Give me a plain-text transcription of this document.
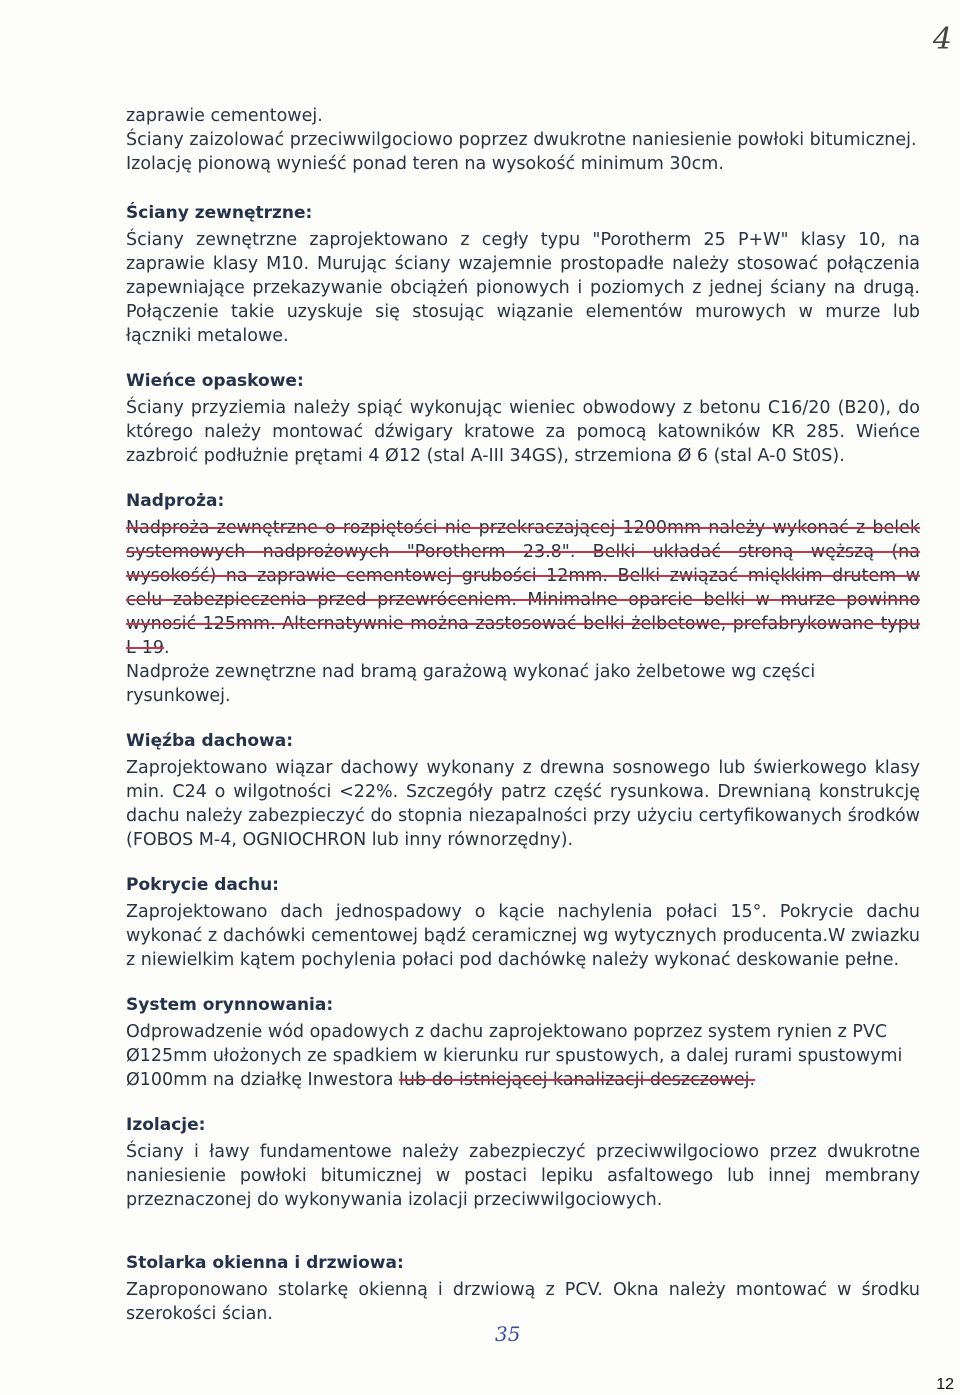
4

zaprawie cementowej.
Ściany zaizolować przeciwwilgociowo poprzez dwukrotne naniesienie powłoki bitumicznej.
Izolację pionową wynieść ponad teren na wysokość minimum 30cm.

Ściany zewnętrzne:

Ściany zewnętrzne zaprojektowano z cegły typu "Porotherm 25 P+W" klasy 10, na zaprawie klasy M10. Murując ściany wzajemnie prostopadłe należy stosować połączenia zapewniające przekazywanie obciążeń pionowych i poziomych z jednej ściany na drugą. Połączenie takie uzyskuje się stosując wiązanie elementów murowych w murze lub łączniki metalowe.

Wieńce opaskowe:

Ściany przyziemia należy spiąć wykonując wieniec obwodowy z betonu C16/20 (B20), do którego należy montować dźwigary kratowe za pomocą katowników KR 285. Wieńce zazbroić podłużnie prętami 4 Ø12 (stal A-III 34GS), strzemiona Ø 6 (stal A-0 St0S).

Nadproża:

Nadproża zewnętrzne o rozpiętości nie przekraczającej 1200mm należy wykonać z belek systemowych nadprożowych "Porotherm 23.8". Belki układać stroną węższą (na wysokość) na zaprawie cementowej grubości 12mm. Belki związać miękkim drutem w celu zabezpieczenia przed przewróceniem. Minimalne oparcie belki w murze powinno wynosić 125mm. Alternatywnie można zastosować belki żelbetowe, prefabrykowane typu L-19.

Nadproże zewnętrzne nad bramą garażową wykonać jako żelbetowe wg części rysunkowej.

Więźba dachowa:

Zaprojektowano wiązar dachowy wykonany z drewna sosnowego lub świerkowego klasy min. C24 o wilgotności <22%. Szczegóły patrz część rysunkowa. Drewnianą konstrukcję dachu należy zabezpieczyć do stopnia niezapalności przy użyciu certyfikowanych środków (FOBOS M-4, OGNIOCHRON lub inny równorzędny).

Pokrycie dachu:

Zaprojektowano dach jednospadowy o kącie nachylenia połaci 15°. Pokrycie dachu wykonać z dachówki cementowej bądź ceramicznej wg wytycznych producenta.W zwiazku z niewielkim kątem pochylenia połaci pod dachówkę należy wykonać deskowanie pełne.

System orynnowania:

Odprowadzenie wód opadowych z dachu zaprojektowano poprzez system rynien z PVC Ø125mm ułożonych ze spadkiem w kierunku rur spustowych, a dalej rurami spustowymi Ø100mm na działkę Inwestora lub do istniejącej kanalizacji deszczowej.

Izolacje:

Ściany i ławy fundamentowe należy zabezpieczyć przeciwwilgociowo przez dwukrotne naniesienie powłoki bitumicznej w postaci lepiku asfaltowego lub innej membrany przeznaczonej do wykonywania izolacji przeciwwilgociowych.

Stolarka okienna i drzwiowa:

Zaproponowano stolarkę okienną i drzwiową z PCV. Okna należy montować w środku szerokości ścian.

35
12
